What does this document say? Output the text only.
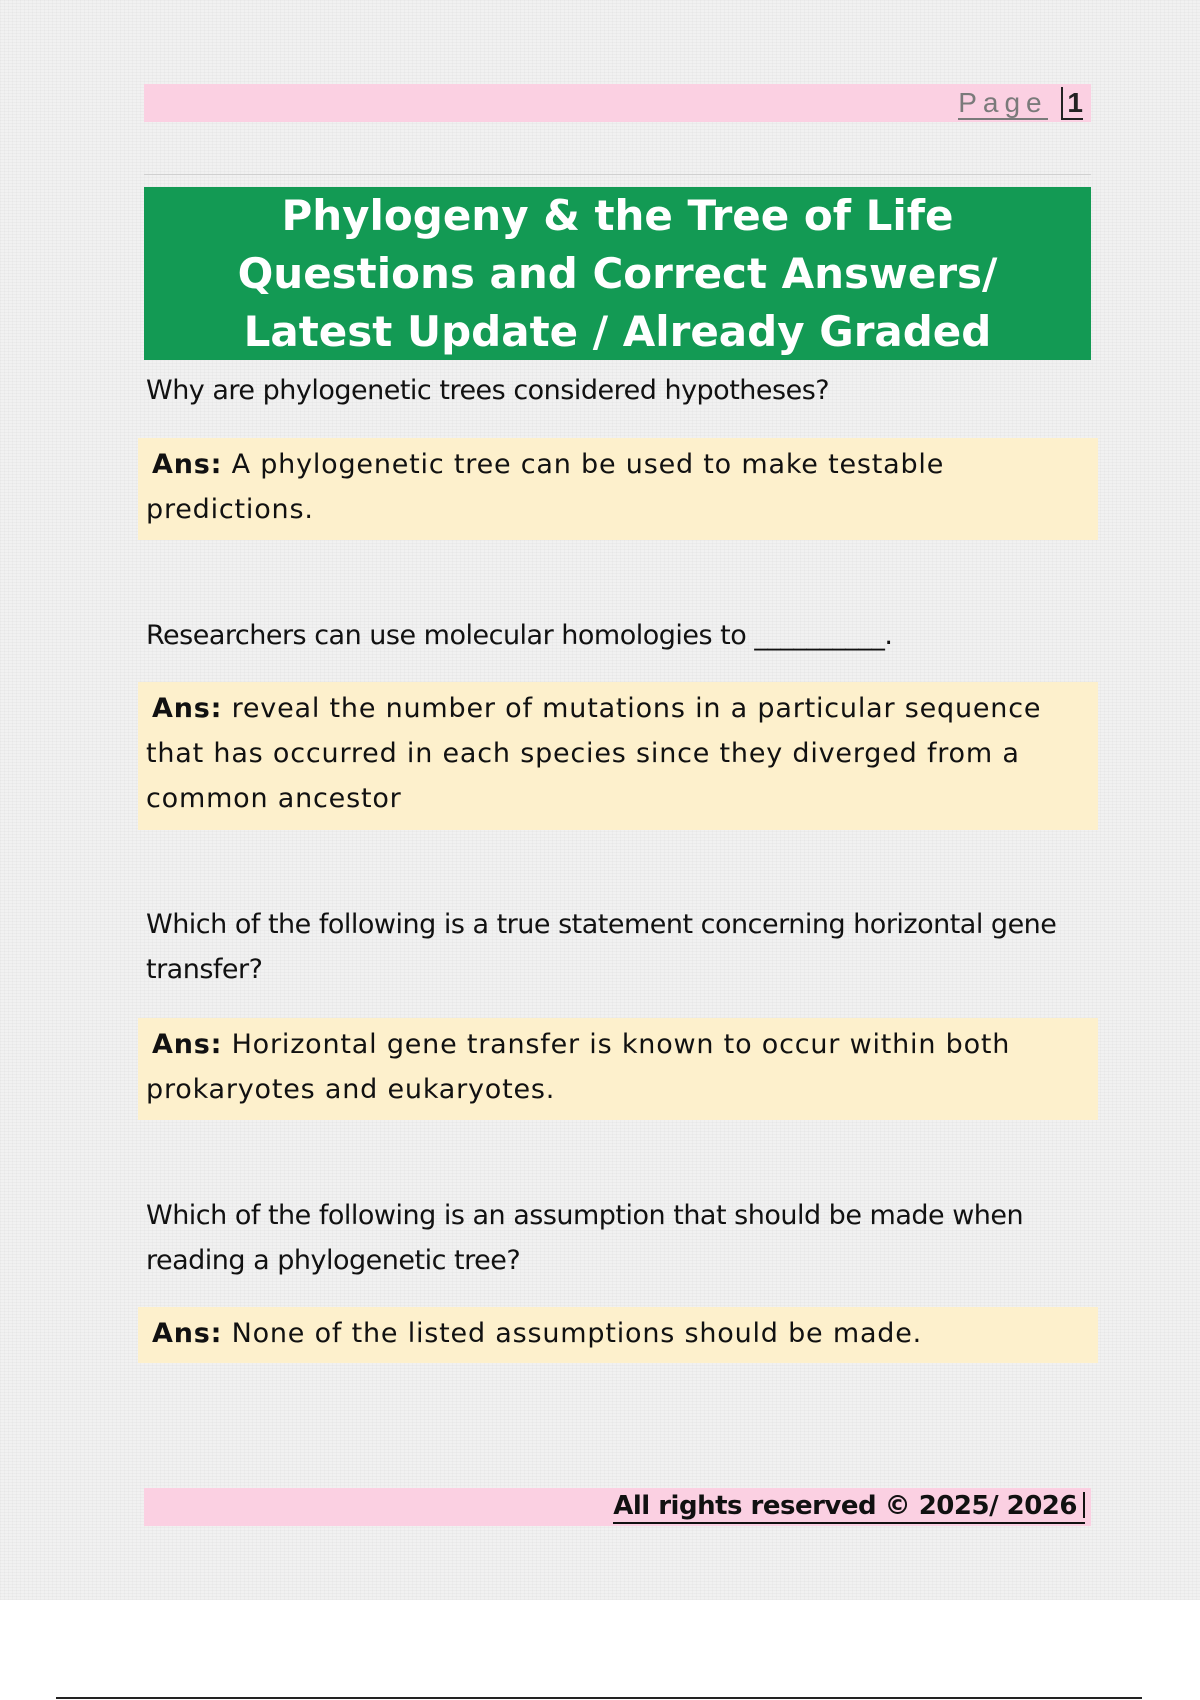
Page 1
Phylogeny & the Tree of Life Questions and Correct Answers/ Latest Update / Already Graded
Why are phylogenetic trees considered hypotheses?
Ans: A phylogenetic tree can be used to make testable predictions.
Researchers can use molecular homologies to __________.
Ans: reveal the number of mutations in a particular sequence that has occurred in each species since they diverged from a common ancestor
Which of the following is a true statement concerning horizontal gene transfer?
Ans: Horizontal gene transfer is known to occur within both prokaryotes and eukaryotes.
Which of the following is an assumption that should be made when reading a phylogenetic tree?
Ans: None of the listed assumptions should be made.
All rights reserved © 2025/ 2026
